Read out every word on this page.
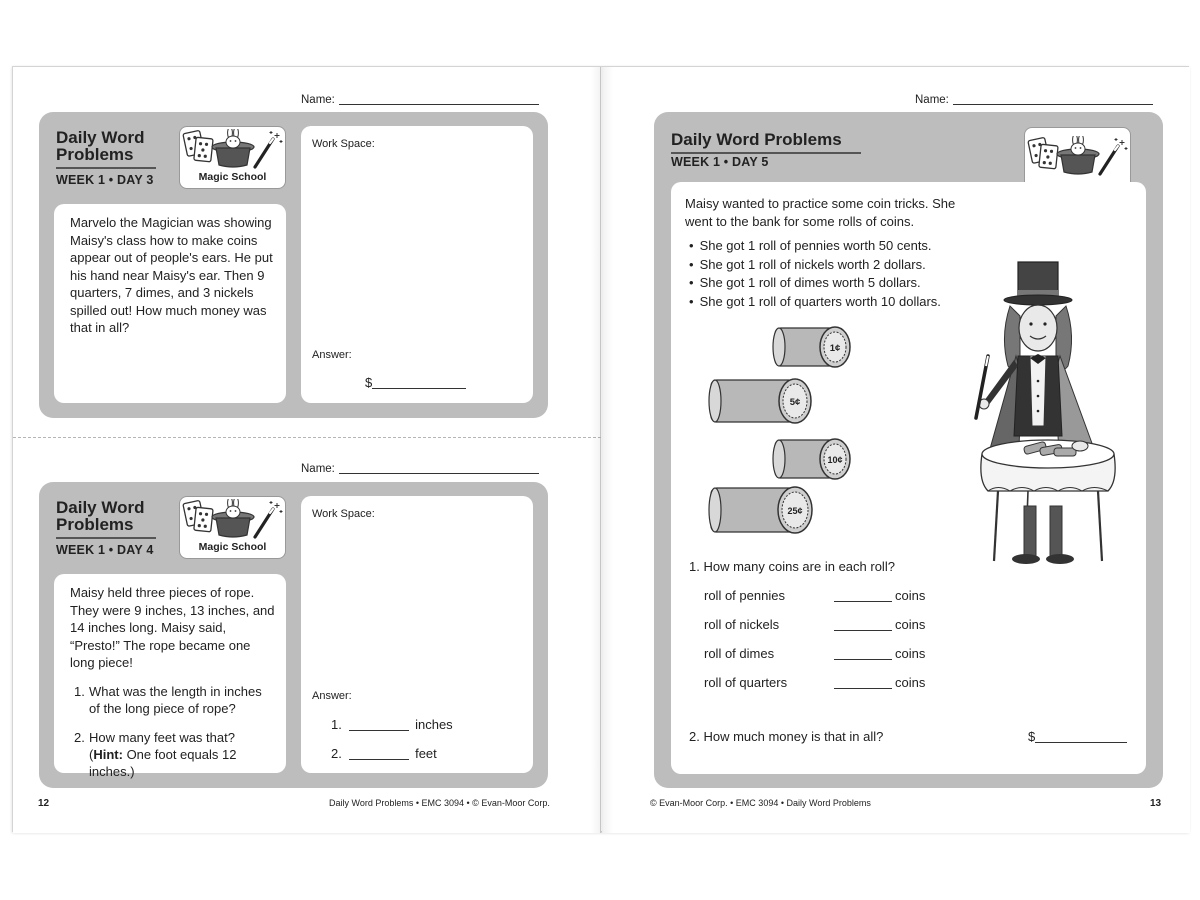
Name:
Daily Word
Problems
WEEK 1 • DAY 3	Magic School
Marvelo the Magician was showing Maisy's class how to make coins appear out of people's ears. He put his hand near Maisy's ear. Then 9 quarters, 7 dimes, and 3 nickels spilled out! How much money was that in all?
Work Space:
Answer:
$
Name:
Daily Word
Problems
WEEK 1 • DAY 4	Magic School
Maisy held three pieces of rope. They were 9 inches, 13 inches, and 14 inches long. Maisy said, “Presto!” The rope became one long piece!
1. What was the length in inches of the long piece of rope?
2. How many feet was that?
(Hint: One foot equals 12 inches.)
Work Space:
Answer:
1.	inches
2.	feet
12	Daily Word Problems • EMC 3094 • © Evan-Moor Corp.
Name:
Daily Word Problems
WEEK 1 • DAY 5
Maisy wanted to practice some coin tricks. She went to the bank for some rolls of coins.
• She got 1 roll of pennies worth 50 cents.
• She got 1 roll of nickels worth 2 dollars.
• She got 1 roll of dimes worth 5 dollars.
• She got 1 roll of quarters worth 10 dollars.
1¢
5¢
10¢
25¢
1. How many coins are in each roll?
roll of pennies	coins
roll of nickels	coins
roll of dimes	coins
roll of quarters	coins
2. How much money is that in all?	$
© Evan-Moor Corp. • EMC 3094 • Daily Word Problems	13
